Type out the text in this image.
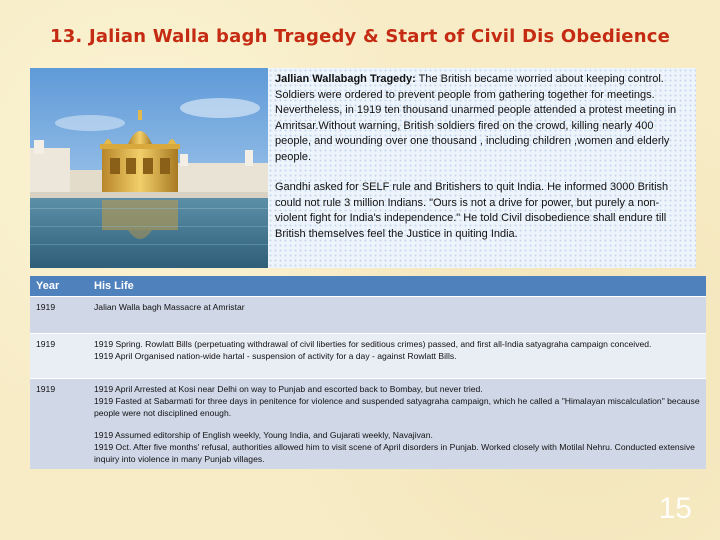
13. Jalian Walla bagh Tragedy & Start of Civil Dis Obedience
Jallian Wallabagh Tragedy: The British became worried about keeping control. Soldiers were ordered to prevent people from gathering together for meetings. Nevertheless, in 1919 ten thousand unarmed people attended a protest meeting in Amritsar.Without warning, British soldiers fired on the crowd, killing nearly 400 people, and wounding over one thousand , including children ,women and elderly people.
Gandhi asked for SELF rule and Britishers to quit India. He informed 3000 British could not rule 3 million Indians. "Ours is not a drive for power, but purely a non-violent fight for India's independence." He told Civil disobedience shall endure till British themselves feel the Justice in quiting India.
Year	His Life
1919	Jalian Walla bagh Massacre at Amristar

1919	1919 Spring. Rowlatt Bills (perpetuating withdrawal of civil liberties for seditious crimes) passed, and first all-India satyagraha campaign conceived.
1919 April Organised nation-wide hartal - suspension of activity for a day - against Rowlatt Bills.

1919	1919 April Arrested at Kosi near Delhi on way to Punjab and escorted back to Bombay, but never tried.
1919 Fasted at Sabarmati for three days in penitence for violence and suspended satyagraha campaign, which he called a "Himalayan miscalculation" because people were not disciplined enough.
1919 Assumed editorship of English weekly, Young India, and Gujarati weekly, Navajivan.
1919 Oct. After five months' refusal, authorities allowed him to visit scene of April disorders in Punjab. Worked closely with Motilal Nehru. Conducted extensive inquiry into violence in many Punjab villages.
15
